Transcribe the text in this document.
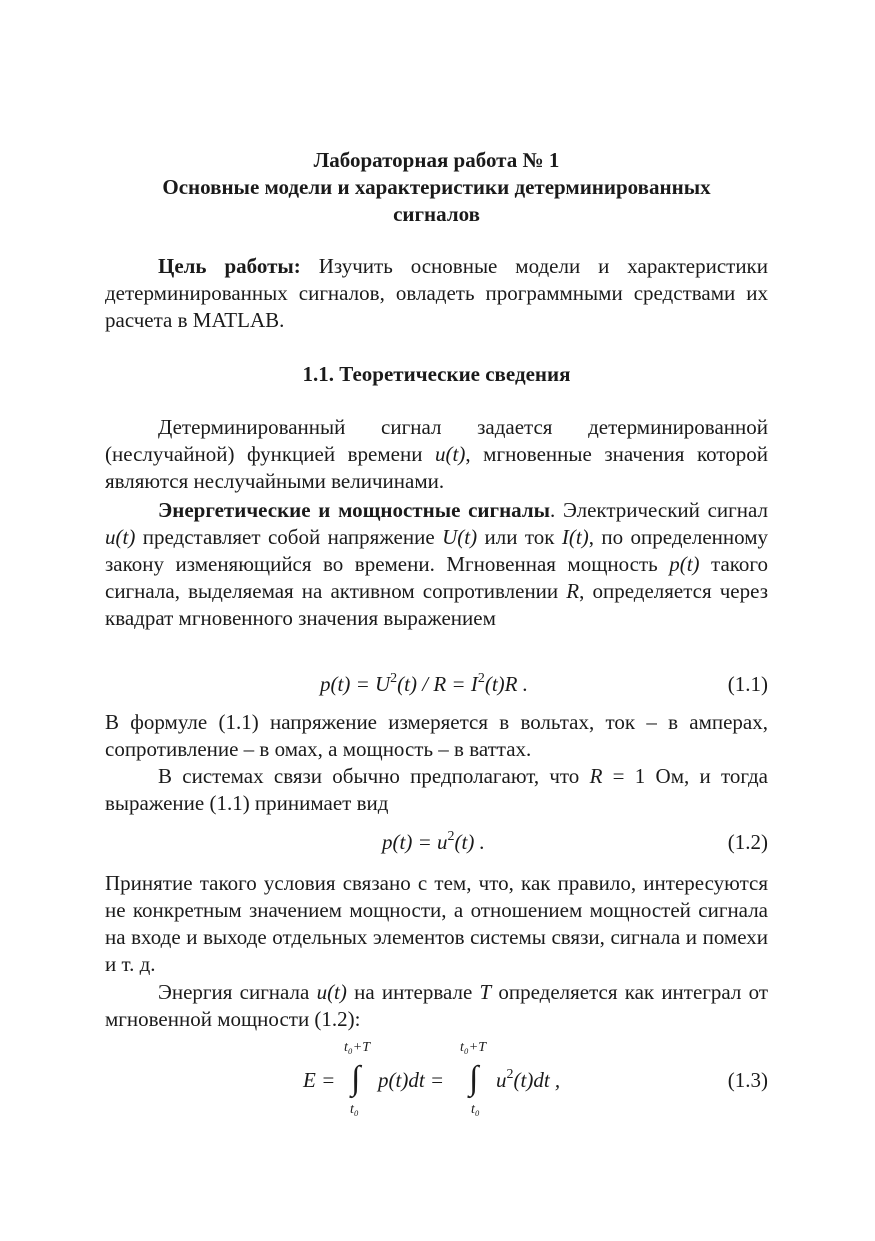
Лабораторная работа № 1
Основные модели и характеристики детерминированных
сигналов
Цель работы: Изучить основные модели и характеристики детерминированных сигналов, овладеть программными средствами их расчета в MATLAB.
1.1. Теоретические сведения
Детерминированный сигнал задается детерминированной (неслучайной) функцией времени u(t), мгновенные значения которой являются неслучайными величинами.
Энергетические и мощностные сигналы. Электрический сигнал u(t) представляет собой напряжение U(t) или ток I(t), по определенному закону изменяющийся во времени. Мгновенная мощность p(t) такого сигнала, выделяемая на активном сопротивлении R, определяется через квадрат мгновенного значения выражением
$p(t) = U^2(t) / R = I^2(t)R$ .	(1.1)
В формуле (1.1) напряжение измеряется в вольтах, ток – в амперах, сопротивление – в омах, а мощность – в ваттах.
В системах связи обычно предполагают, что R = 1 Ом, и тогда выражение (1.1) принимает вид
$p(t) = u^2(t)$ .	(1.2)
Принятие такого условия связано с тем, что, как правило, интересуются не конкретным значением мощности, а отношением мощностей сигнала на входе и выходе отдельных элементов системы связи, сигнала и помехи и т. д.
Энергия сигнала u(t) на интервале T определяется как интеграл от мгновенной мощности (1.2):
E =
t₀+T
∫
t₀
p(t)dt =
t₀+T
∫
t₀
$u^2(t)dt$ ,	(1.3)
